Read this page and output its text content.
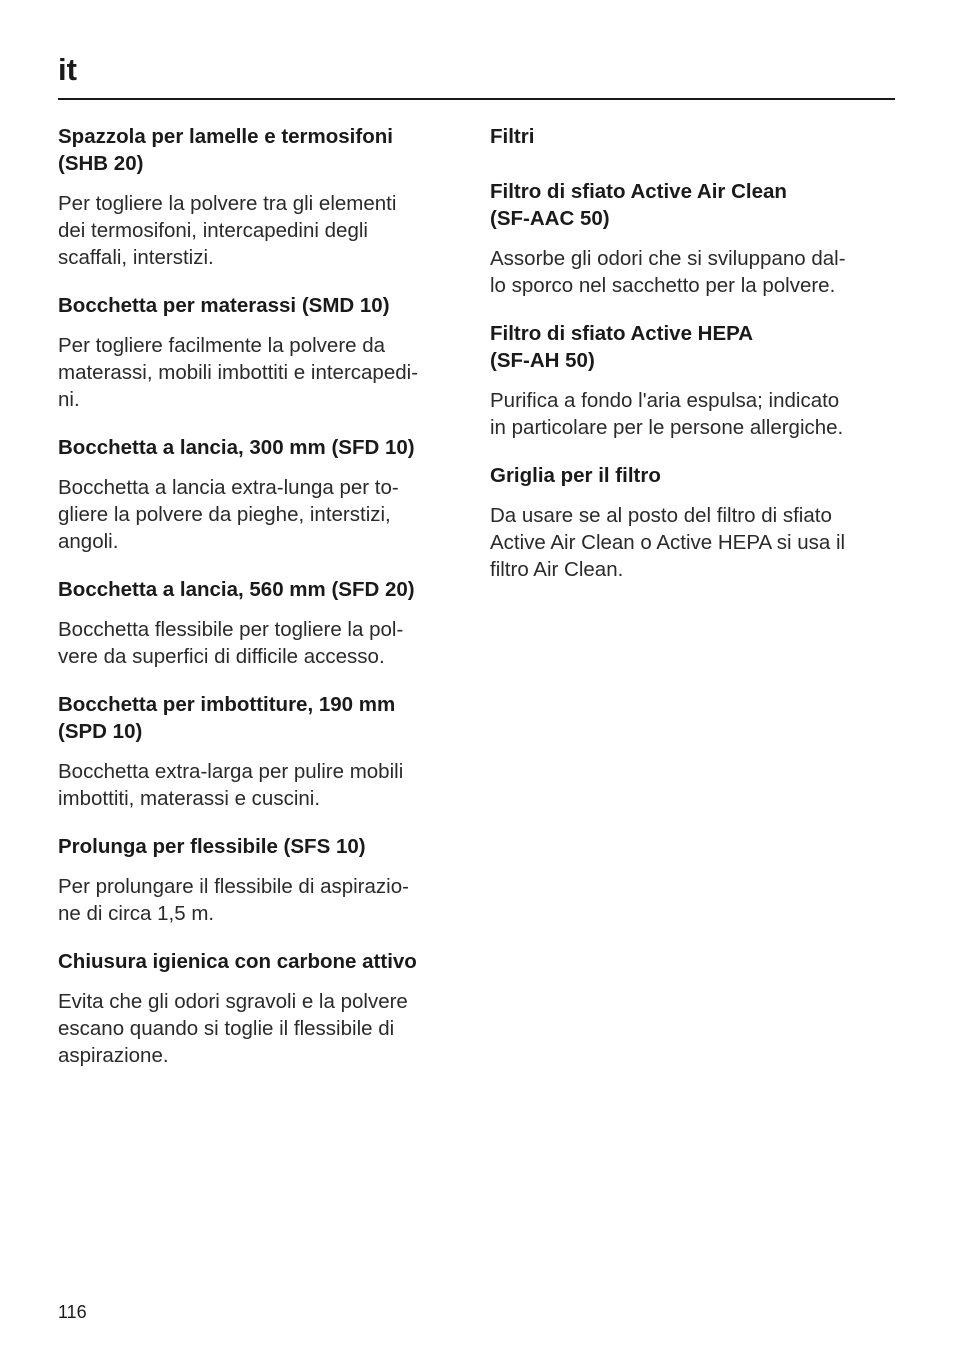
it
Spazzola per lamelle e termosifoni
(SHB 20)

Per togliere la polvere tra gli elementi
dei termosifoni, intercapedini degli
scaffali, interstizi.

Bocchetta per materassi (SMD 10)

Per togliere facilmente la polvere da
materassi, mobili imbottiti e intercapedi-
ni.

Bocchetta a lancia, 300 mm (SFD 10)

Bocchetta a lancia extra-lunga per to-
gliere la polvere da pieghe, interstizi,
angoli.

Bocchetta a lancia, 560 mm (SFD 20)

Bocchetta flessibile per togliere la pol-
vere da superfici di difficile accesso.

Bocchetta per imbottiture, 190 mm
(SPD 10)

Bocchetta extra-larga per pulire mobili
imbottiti, materassi e cuscini.

Prolunga per flessibile (SFS 10)

Per prolungare il flessibile di aspirazio-
ne di circa 1,5 m.

Chiusura igienica con carbone attivo

Evita che gli odori sgravoli e la polvere
escano quando si toglie il flessibile di
aspirazione.

Filtri
Filtro di sfiato Active Air Clean
(SF-AAC 50)

Assorbe gli odori che si sviluppano dal-
lo sporco nel sacchetto per la polvere.

Filtro di sfiato Active HEPA
(SF-AH 50)

Purifica a fondo l'aria espulsa; indicato
in particolare per le persone allergiche.

Griglia per il filtro

Da usare se al posto del filtro di sfiato
Active Air Clean o Active HEPA si usa il
filtro Air Clean.

116
